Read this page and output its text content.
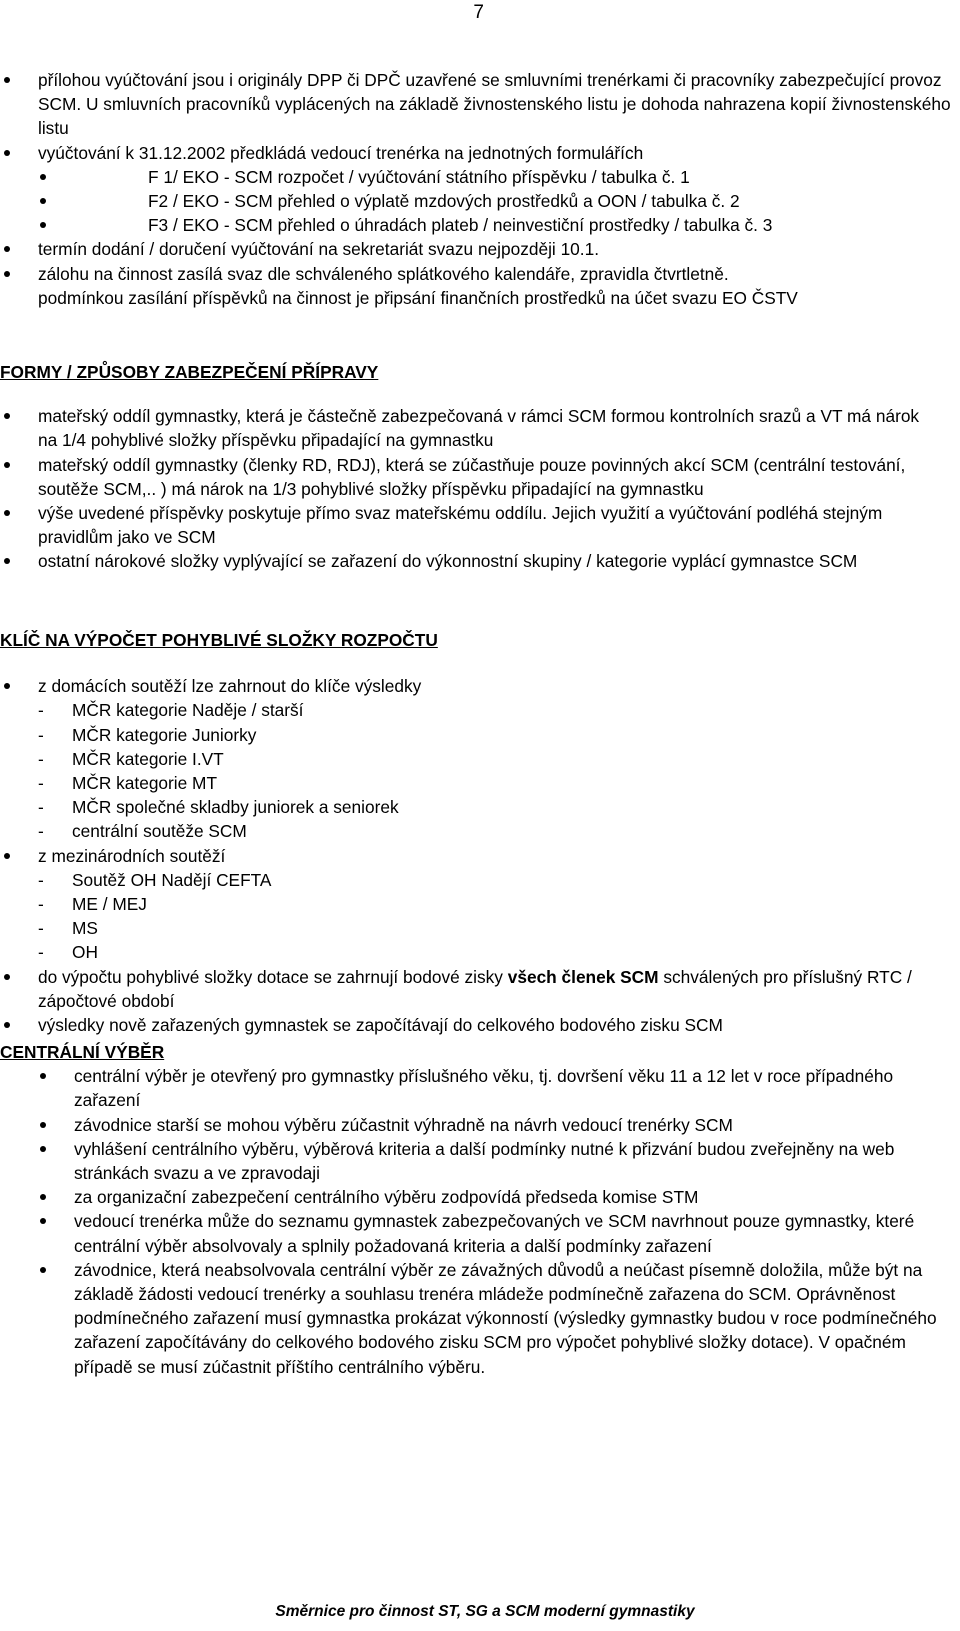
7
přílohou vyúčtování jsou i originály DPP či DPČ uzavřené se smluvními trenérkami či pracovníky zabezpečující provoz SCM. U smluvních pracovníků vyplácených na základě živnostenského listu je dohoda nahrazena kopií živnostenského listu
vyúčtování k 31.12.2002 předkládá vedoucí trenérka na jednotných formulářích
F 1/ EKO - SCM rozpočet / vyúčtování státního příspěvku / tabulka č. 1
F2 / EKO - SCM přehled o výplatě mzdových prostředků a OON / tabulka č. 2
F3 / EKO - SCM přehled o úhradách plateb / neinvestiční prostředky / tabulka č. 3
termín dodání / doručení vyúčtování na sekretariát svazu nejpozději 10.1.
zálohu na činnost zasílá svaz dle schváleného splátkového kalendáře, zpravidla čtvrtletně.
podmínkou zasílání příspěvků na činnost je připsání finančních prostředků na účet svazu EO ČSTV
FORMY / ZPŮSOBY ZABEZPEČENÍ PŘÍPRAVY
mateřský oddíl gymnastky, která je částečně zabezpečovaná v rámci SCM formou kontrolních srazů a VT má nárok na 1/4 pohyblivé složky příspěvku připadající na gymnastku
mateřský oddíl gymnastky (členky RD, RDJ), která se zúčastňuje pouze povinných akcí SCM (centrální testování, soutěže SCM,.. ) má nárok na 1/3 pohyblivé složky příspěvku připadající na gymnastku
výše uvedené příspěvky poskytuje přímo svaz mateřskému oddílu. Jejich využití a vyúčtování podléhá stejným pravidlům jako ve SCM
ostatní nárokové složky vyplývající se zařazení do výkonnostní skupiny / kategorie vyplácí gymnastce SCM
KLÍČ NA VÝPOČET POHYBLIVÉ SLOŽKY ROZPOČTU
z domácích soutěží lze zahrnout do klíče výsledky
- MČR kategorie Naděje / starší
- MČR kategorie Juniorky
- MČR kategorie I.VT
- MČR kategorie MT
- MČR společné skladby juniorek a seniorek
- centrální soutěže SCM
z mezinárodních soutěží
- Soutěž OH Nadějí CEFTA
- ME / MEJ
- MS
- OH
do výpočtu pohyblivé složky dotace se zahrnují bodové zisky všech členek SCM schválených pro příslušný RTC / zápočtové období
výsledky nově zařazených gymnastek se započítávají do celkového bodového zisku SCM
CENTRÁLNÍ VÝBĚR
centrální výběr je otevřený pro gymnastky příslušného věku, tj. dovršení věku 11 a 12 let v roce případného zařazení
závodnice starší se mohou výběru zúčastnit výhradně na návrh vedoucí trenérky SCM
vyhlášení centrálního výběru, výběrová kriteria a další podmínky nutné k přizvání budou zveřejněny na web stránkách svazu a ve zpravodaji
za organizační zabezpečení centrálního výběru zodpovídá předseda komise STM
vedoucí trenérka může do seznamu gymnastek zabezpečovaných ve SCM navrhnout pouze gymnastky, které centrální výběr absolvovaly a splnily požadovaná kriteria a další podmínky zařazení
závodnice, která neabsolvovala centrální výběr ze závažných důvodů a neúčast písemně doložila, může být na základě žádosti vedoucí trenérky a souhlasu trenéra mládeže podmínečně zařazena do SCM. Oprávněnost podmínečného zařazení musí gymnastka prokázat výkonností (výsledky gymnastky budou v roce podmínečného zařazení započítávány do celkového bodového zisku SCM pro výpočet pohyblivé složky dotace). V opačném případě se musí zúčastnit příštího centrálního výběru.
Směrnice pro činnost ST, SG a SCM moderní gymnastiky
